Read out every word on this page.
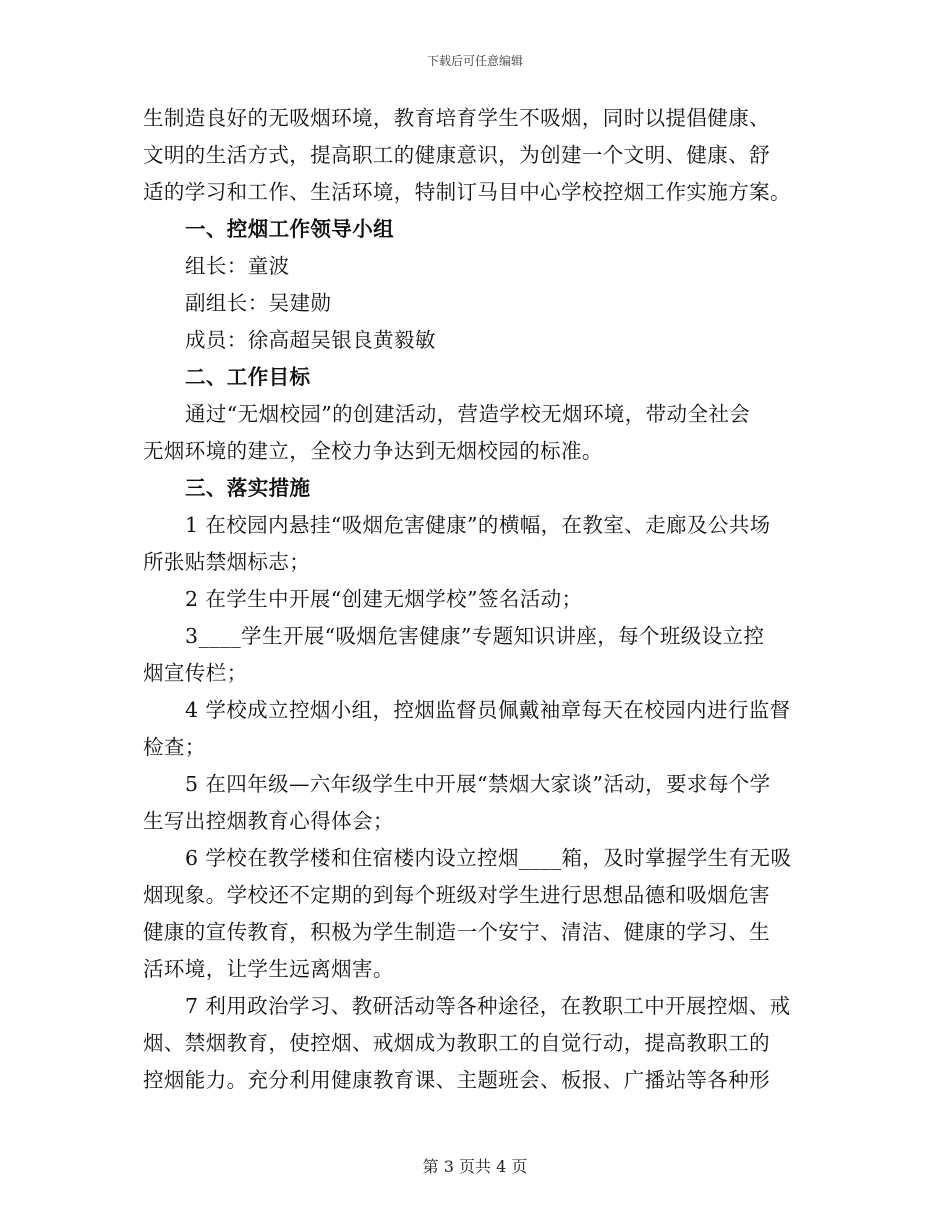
下载后可任意编辑
生制造良好的无吸烟环境，教育培育学生不吸烟，同时以提倡健康、
文明的生活方式，提高职工的健康意识，为创建一个文明、健康、舒
适的学习和工作、生活环境，特制订马目中心学校控烟工作实施方案。
一、控烟工作领导小组
组长：童波
副组长：吴建勋
成员：徐高超吴银良黄毅敏
二、工作目标
通过“无烟校园”的创建活动，营造学校无烟环境，带动全社会
无烟环境的建立，全校力争达到无烟校园的标准。
三、落实措施
1 在校园内悬挂“吸烟危害健康”的横幅，在教室、走廊及公共场
所张贴禁烟标志；
2 在学生中开展“创建无烟学校”签名活动；
3____学生开展“吸烟危害健康”专题知识讲座，每个班级设立控
烟宣传栏；
4 学校成立控烟小组，控烟监督员佩戴袖章每天在校园内进行监督
检查；
5 在四年级—六年级学生中开展“禁烟大家谈”活动，要求每个学
生写出控烟教育心得体会；
6 学校在教学楼和住宿楼内设立控烟____箱，及时掌握学生有无吸
烟现象。学校还不定期的到每个班级对学生进行思想品德和吸烟危害
健康的宣传教育，积极为学生制造一个安宁、清洁、健康的学习、生
活环境，让学生远离烟害。
7 利用政治学习、教研活动等各种途径，在教职工中开展控烟、戒
烟、禁烟教育，使控烟、戒烟成为教职工的自觉行动，提高教职工的
控烟能力。充分利用健康教育课、主题班会、板报、广播站等各种形
第 3 页共 4 页
